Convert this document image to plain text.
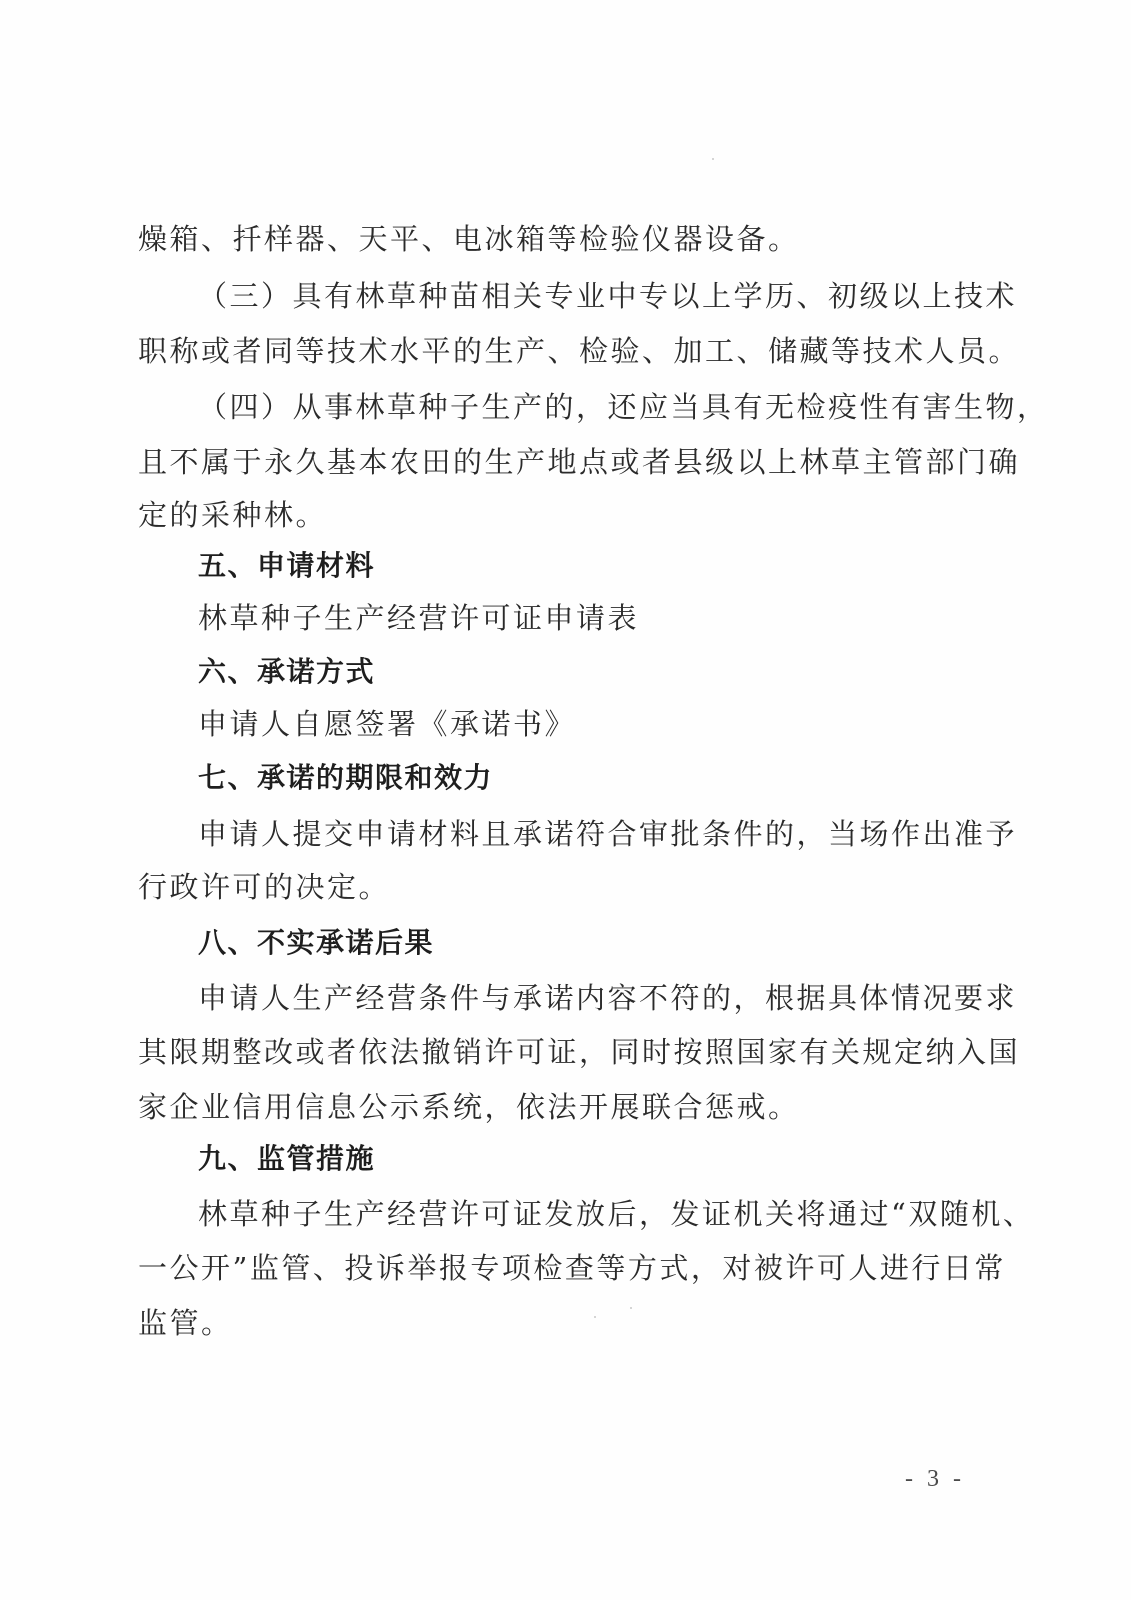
燥箱、扦样器、天平、电冰箱等检验仪器设备。

（三）具有林草种苗相关专业中专以上学历、初级以上技术

职称或者同等技术水平的生产、检验、加工、储藏等技术人员。

（四）从事林草种子生产的，还应当具有无检疫性有害生物，

且不属于永久基本农田的生产地点或者县级以上林草主管部门确

定的采种林。

五、申请材料

林草种子生产经营许可证申请表

六、承诺方式

申请人自愿签署《承诺书》

七、承诺的期限和效力

申请人提交申请材料且承诺符合审批条件的，当场作出准予

行政许可的决定。

八、不实承诺后果

申请人生产经营条件与承诺内容不符的，根据具体情况要求

其限期整改或者依法撤销许可证，同时按照国家有关规定纳入国

家企业信用信息公示系统，依法开展联合惩戒。

九、监管措施

林草种子生产经营许可证发放后，发证机关将通过“双随机、

一公开”监管、投诉举报专项检查等方式，对被许可人进行日常

监管。

- 3 -
